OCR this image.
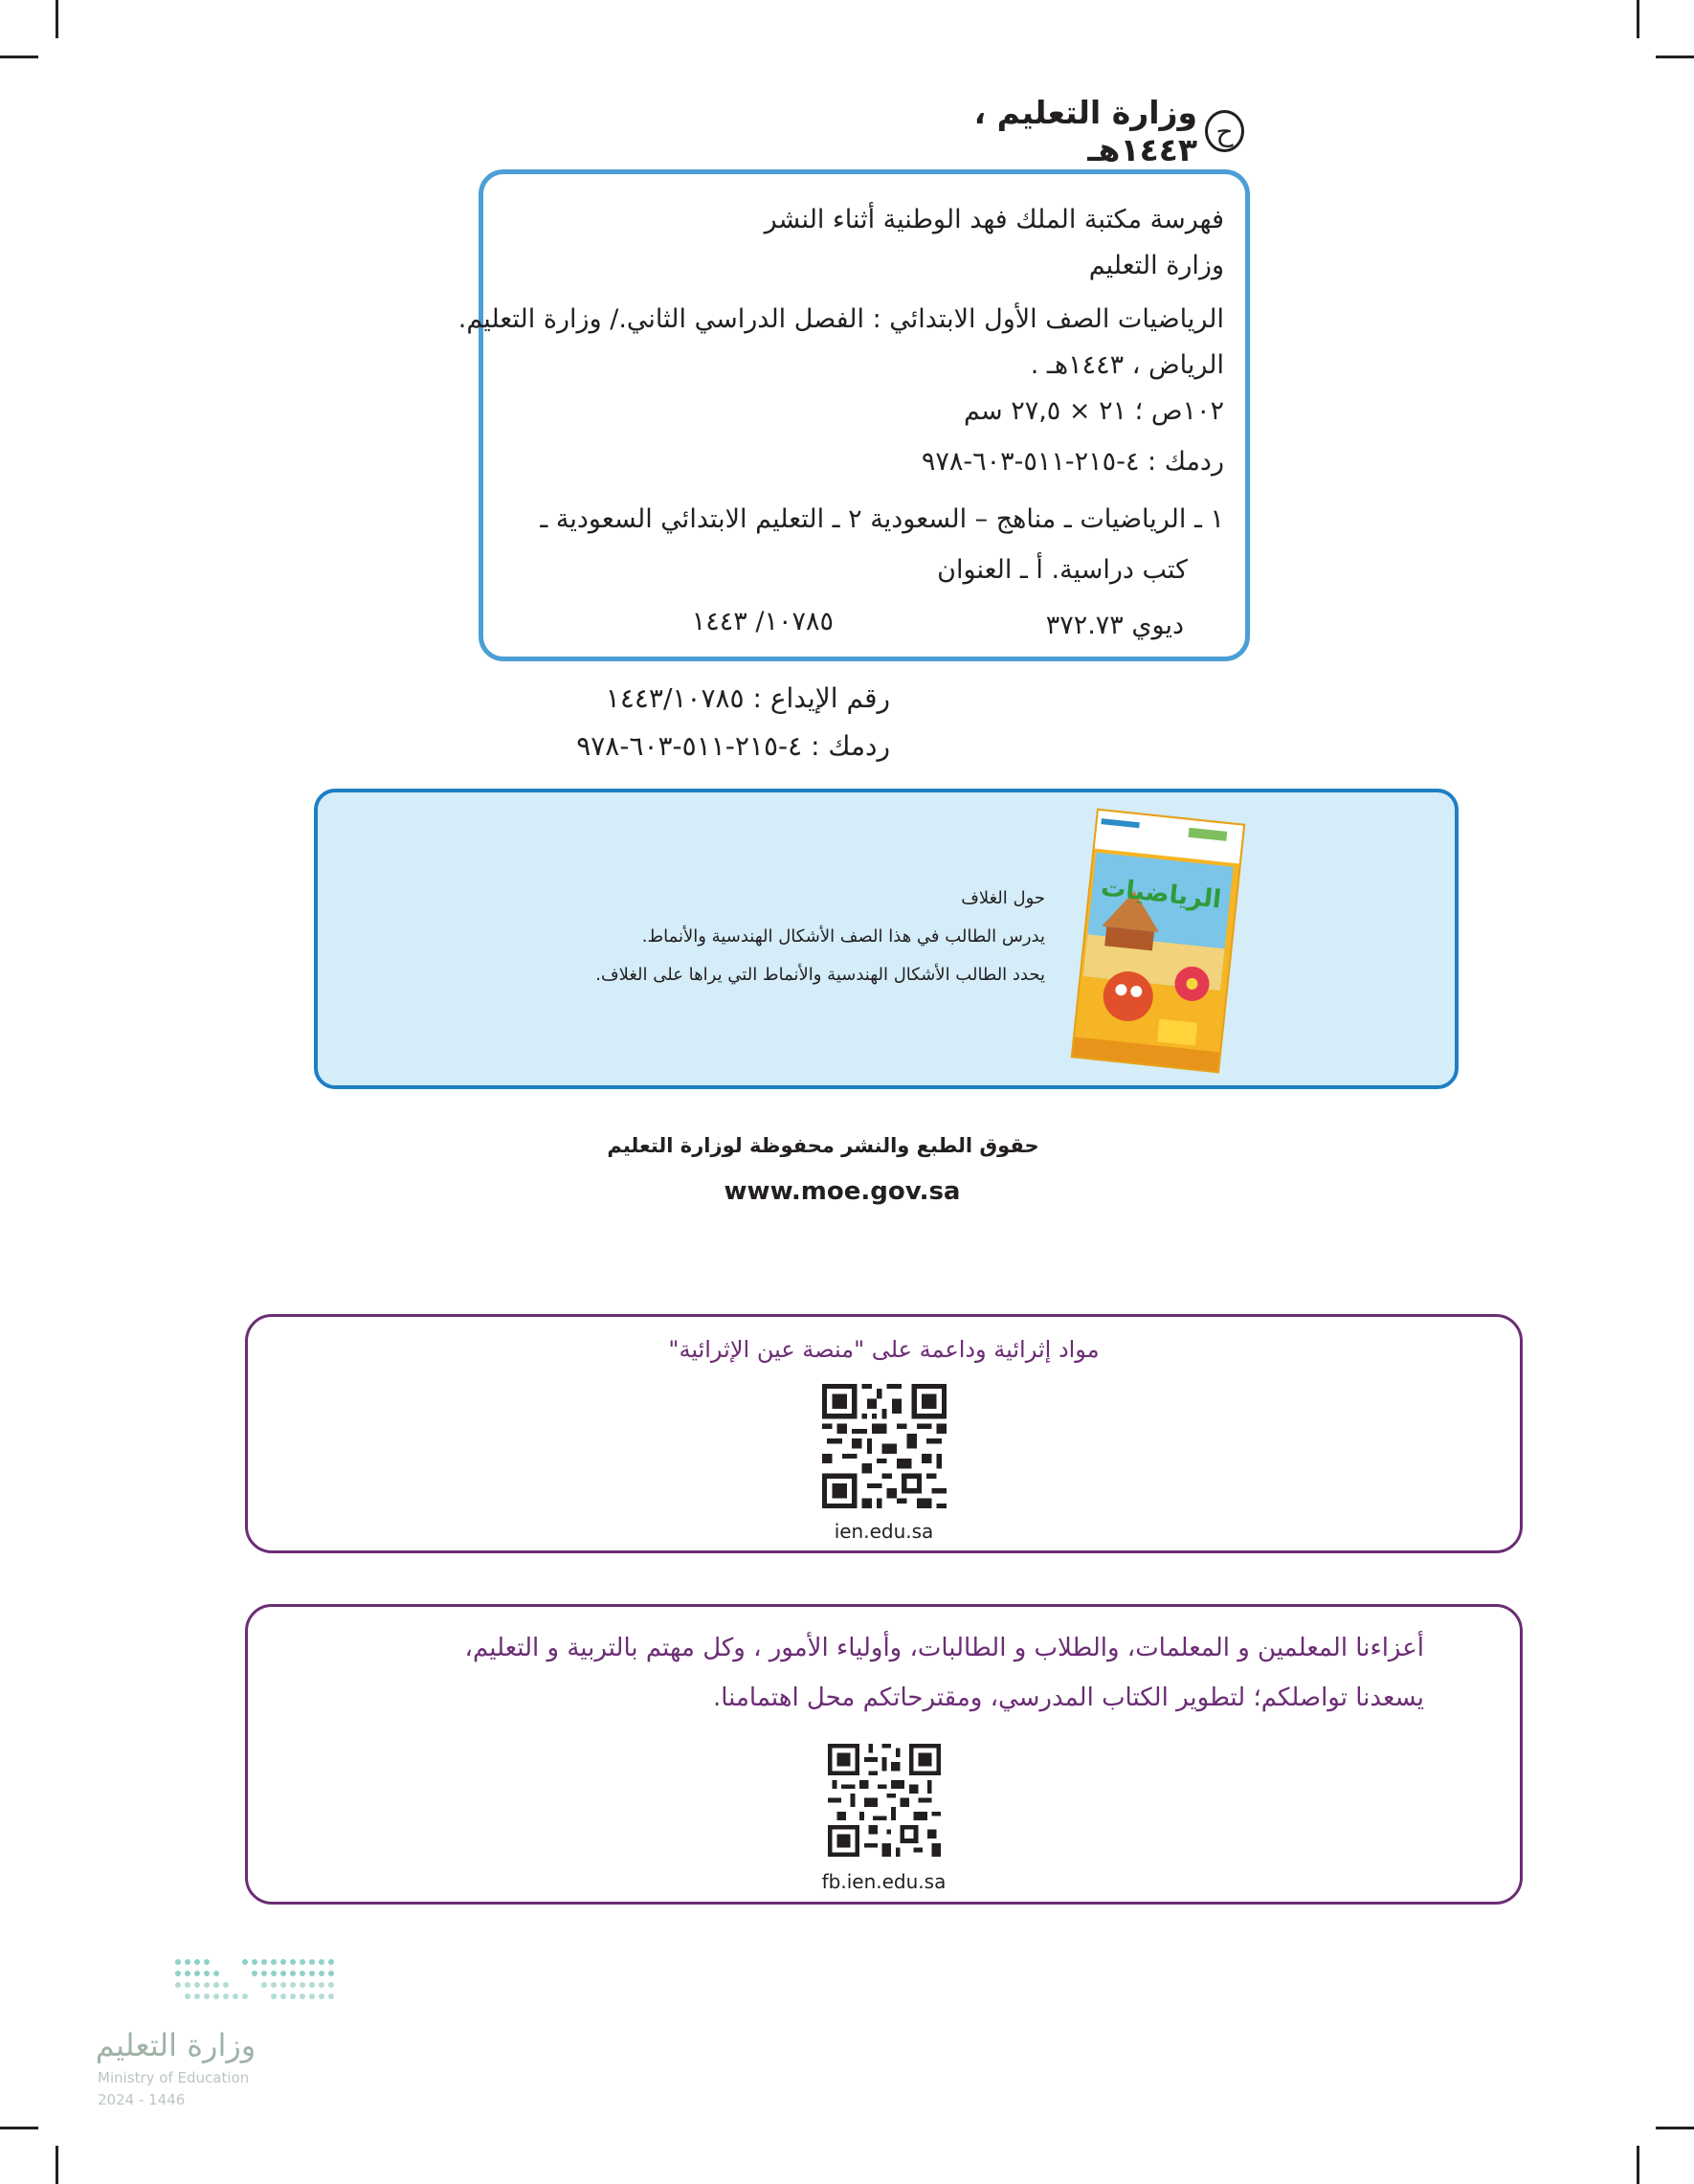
ح
وزارة التعليم ، ١٤٤٣هـ
فهرسة مكتبة الملك فهد الوطنية أثناء النشر
وزارة التعليم
الرياضيات الصف الأول الابتدائي : الفصل الدراسي الثاني./ وزارة التعليم.
الرياض ، ١٤٤٣هـ .
١٠٢ص ؛ ٢١ × ٢٧,٥ سم
ردمك : ٤-٢١٥-٥١١-٦٠٣-٩٧٨
١ ـ الرياضيات ـ مناهج – السعودية ٢ ـ التعليم الابتدائي السعودية ـ
كتب دراسية. أ ـ العنوان
ديوي ٣٧٢.٧٣
١٠٧٨٥/ ١٤٤٣
رقم الإيداع : ١٤٤٣/١٠٧٨٥
ردمك : ٤-٢١٥-٥١١-٦٠٣-٩٧٨
الرياضيات
حول الغلاف
يدرس الطالب في هذا الصف الأشكال الهندسية والأنماط.
يحدد الطالب الأشكال الهندسية والأنماط التي يراها على الغلاف.
حقوق الطبع والنشر محفوظة لوزارة التعليم
www.moe.gov.sa
مواد إثرائية وداعمة على "منصة عين الإثرائية"
ien.edu.sa
أعزاءنا المعلمين و المعلمات، والطلاب و الطالبات، وأولياء الأمور ، وكل مهتم بالتربية و التعليم،
يسعدنا تواصلكم؛ لتطوير الكتاب المدرسي، ومقترحاتكم محل اهتمامنا.
fb.ien.edu.sa
وزارة التعليم
Ministry of Education
2024 - 1446
